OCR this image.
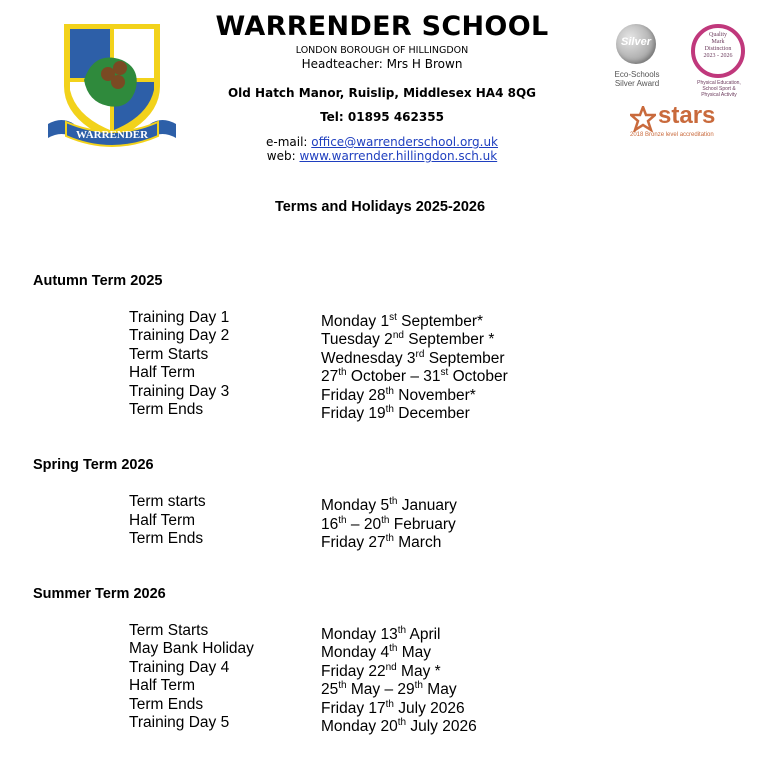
WARRENDER
WARRENDER SCHOOL
LONDON BOROUGH OF HILLINGDON
Headteacher: Mrs H Brown
Old Hatch Manor, Ruislip, Middlesex HA4 8QG
Tel: 01895 462355
e-mail: office@warrenderschool.org.uk
web: www.warrender.hillingdon.sch.uk
Silver
Eco-Schools
Silver Award
Quality
Mark
Distinction
2023 - 2026
Physical Education,
School Sport &
Physical Activity
stars
2018 Bronze level accreditation
Terms and Holidays 2025-2026
Autumn Term 2025
Training Day 1	Monday 1st September*
Training Day 2	Tuesday 2nd September *
Term Starts	Wednesday 3rd September
Half Term	27th October – 31st October
Training Day 3	Friday 28th November*
Term Ends	Friday 19th December
Spring Term 2026
Term starts	Monday 5th January
Half Term	16th – 20th February
Term Ends	Friday 27th March
Summer Term 2026
Term Starts	Monday 13th April
May Bank Holiday	Monday 4th May
Training Day 4	Friday 22nd May *
Half Term	25th May – 29th May
Term Ends	Friday 17th July 2026
Training Day 5	Monday 20th July 2026
